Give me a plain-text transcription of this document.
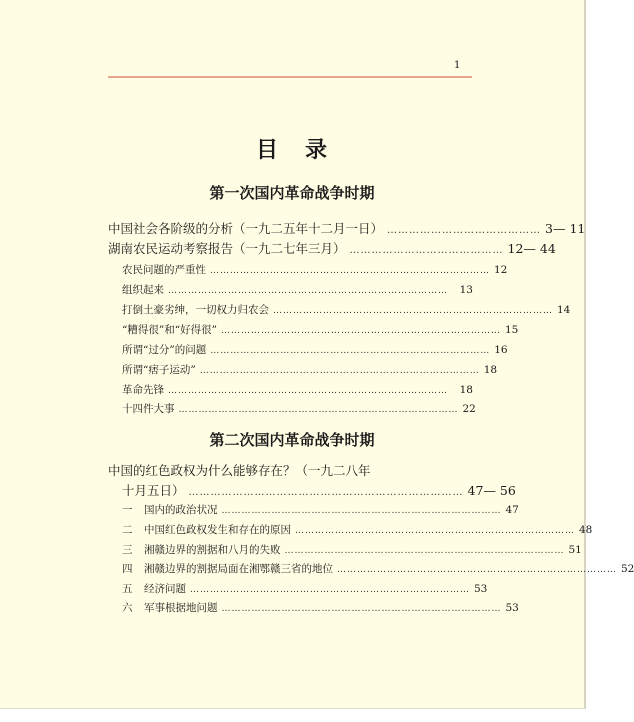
1
目 录
第一次国内革命战争时期
中国社会各阶级的分析（一九二五年十二月一日） …………………………………… 3— 11
湖南农民运动考察报告（一九二七年三月） …………………………………… 12— 44
农民问题的严重性 ………………………………………………………………………… 12
组织起来 …………………………………………………………………………	13
打倒土豪劣绅，一切权力归农会 ………………………………………………………………………… 14
“糟得很”和“好得很” ………………………………………………………………………… 15
所谓“过分”的问题 ………………………………………………………………………… 16
所谓“痞子运动” ………………………………………………………………………… 18
革命先锋 …………………………………………………………………………	18
十四件大事 ………………………………………………………………………… 22
第二次国内革命战争时期
中国的红色政权为什么能够存在？（一九二八年
十月五日） ………………………………………………………………… 47— 56
一 国内的政治状况 ………………………………………………………………………… 47
二 中国红色政权发生和存在的原因 ………………………………………………………………………… 48
三 湘赣边界的割据和八月的失败 ………………………………………………………………………… 51
四 湘赣边界的割据局面在湘鄂赣三省的地位 ………………………………………………………………………… 52
五 经济问题 ………………………………………………………………………… 53
六 军事根据地问题 ………………………………………………………………………… 53
